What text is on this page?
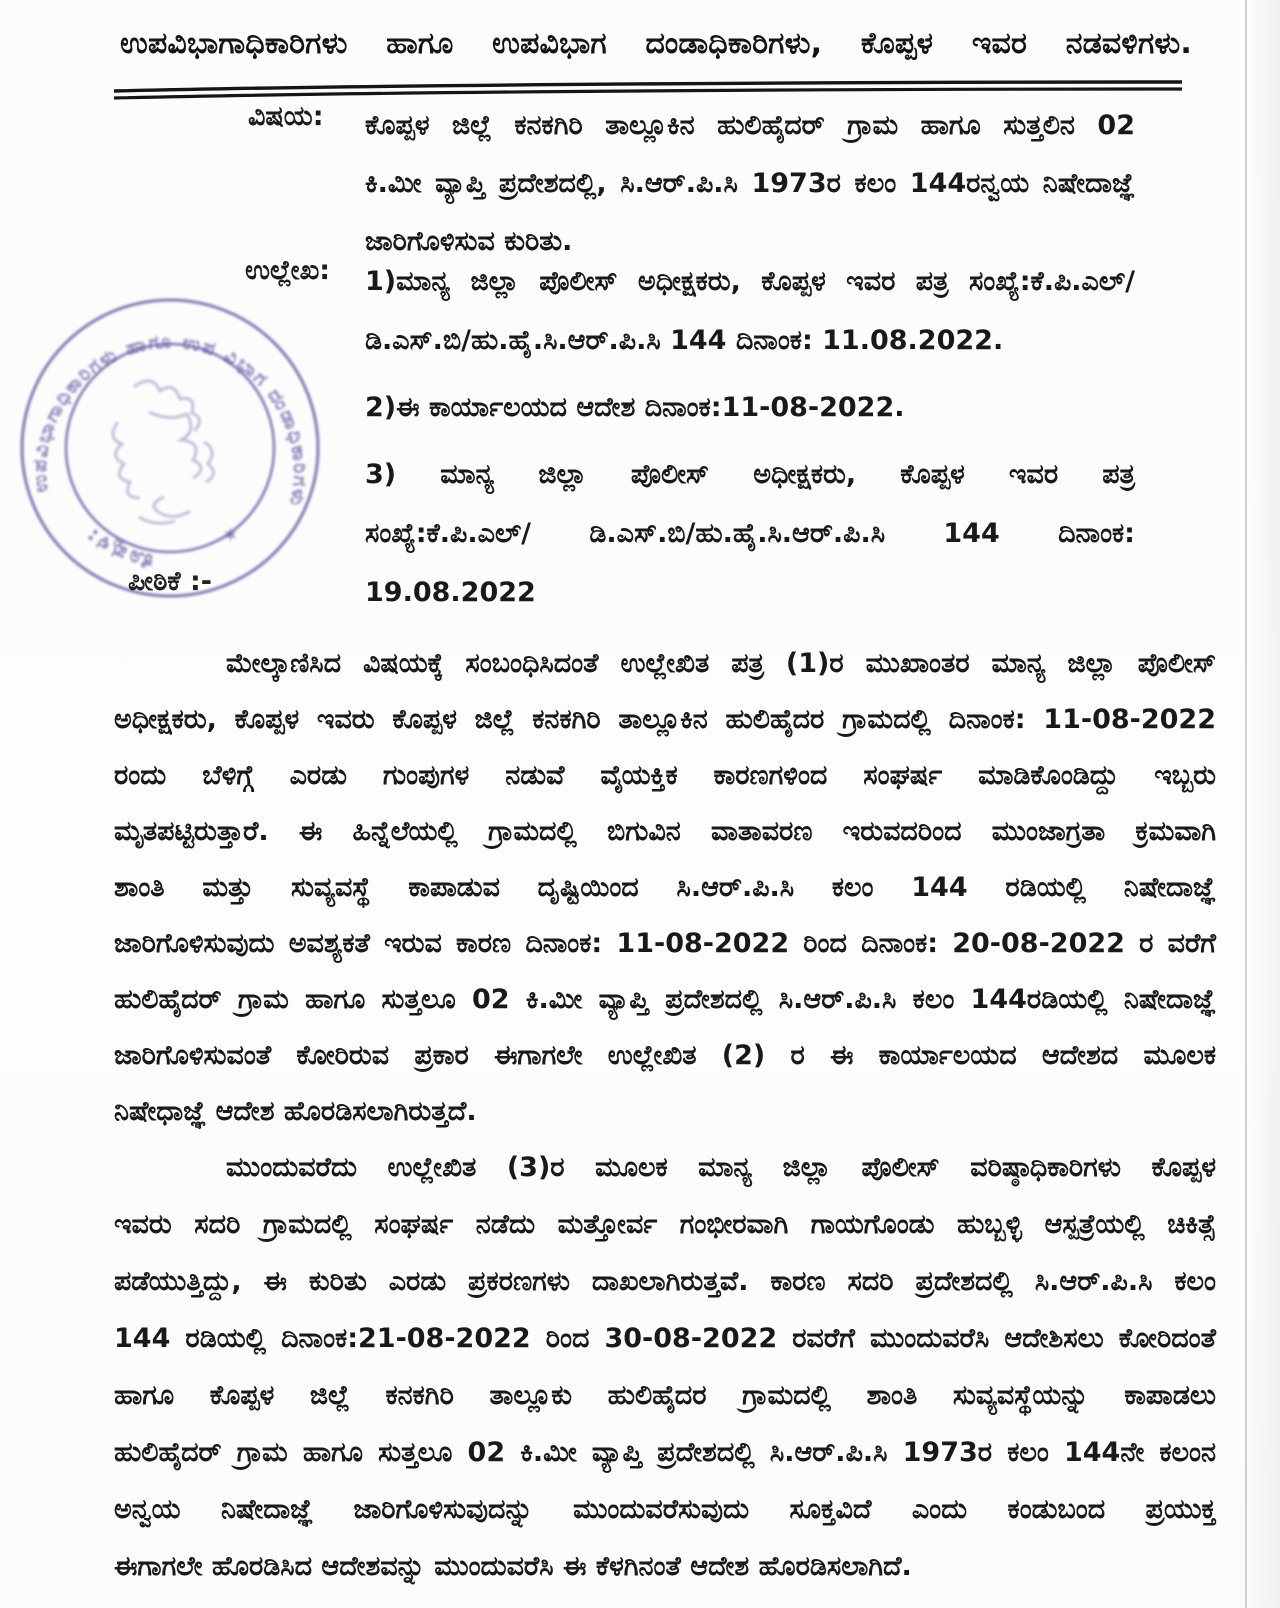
ಉಪವಿಭಾಗಾಧಿಕಾರಿಗಳು ಹಾಗೂ ಉಪವಿಭಾಗ ದಂಡಾಧಿಕಾರಿಗಳು, ಕೊಪ್ಪಳ ಇವರ ನಡವಳಿಗಳು.
ವಿಷಯ: ಕೊಪ್ಪಳ ಜಿಲ್ಲೆ ಕನಕಗಿರಿ ತಾಲ್ಲೂಕಿನ ಹುಲಿಹೈದರ್ ಗ್ರಾಮ ಹಾಗೂ ಸುತ್ತಲಿನ 02
ಕಿ.ಮೀ ವ್ಯಾಪ್ತಿ ಪ್ರದೇಶದಲ್ಲಿ, ಸಿ.ಆರ್.ಪಿ.ಸಿ 1973ರ ಕಲಂ 144ರನ್ವಯ ನಿಷೇದಾಜ್ಞೆ
ಜಾರಿಗೊಳಿಸುವ ಕುರಿತು.
ಉಲ್ಲೇಖ: 1)ಮಾನ್ಯ ಜಿಲ್ಲಾ ಪೊಲೀಸ್ ಅಧೀಕ್ಷಕರು, ಕೊಪ್ಪಳ ಇವರ ಪತ್ರ ಸಂಖ್ಯೆ:ಕೆ.ಪಿ.ಎಲ್/
ಡಿ.ಎಸ್.ಬಿ/ಹು.ಹೈ.ಸಿ.ಆರ್.ಪಿ.ಸಿ 144 ದಿನಾಂಕ: 11.08.2022.
2)ಈ ಕಾರ್ಯಾಲಯದ ಆದೇಶ ದಿನಾಂಕ:11-08-2022.
3) ಮಾನ್ಯ ಜಿಲ್ಲಾ ಪೊಲೀಸ್ ಅಧೀಕ್ಷಕರು, ಕೊಪ್ಪಳ ಇವರ ಪತ್ರ
ಸಂಖ್ಯೆ:ಕೆ.ಪಿ.ಎಲ್/ ಡಿ.ಎಸ್.ಬಿ/ಹು.ಹೈ.ಸಿ.ಆರ್.ಪಿ.ಸಿ 144 ದಿನಾಂಕ: 19.08.2022
ಉಪವಿಭಾಗಾಧಿಕಾರಿಗಳು ಹಾಗೂ ಉಪ ವಿಭಾಗ ದಂಡಾಧಿಕಾರಿಗಳು
ಕೊಪ್ಪಳ:	✶
ಪೀಠಿಕೆ :-
ಮೇಲ್ಕಾಣಿಸಿದ ವಿಷಯಕ್ಕೆ ಸಂಬಂಧಿಸಿದಂತೆ ಉಲ್ಲೇಖಿತ ಪತ್ರ (1)ರ ಮುಖಾಂತರ ಮಾನ್ಯ ಜಿಲ್ಲಾ ಪೊಲೀಸ್
ಅಧೀಕ್ಷಕರು, ಕೊಪ್ಪಳ ಇವರು ಕೊಪ್ಪಳ ಜಿಲ್ಲೆ ಕನಕಗಿರಿ ತಾಲ್ಲೂಕಿನ ಹುಲಿಹೈದರ ಗ್ರಾಮದಲ್ಲಿ ದಿನಾಂಕ: 11-08-2022
ರಂದು ಬೆಳಿಗ್ಗೆ ಎರಡು ಗುಂಪುಗಳ ನಡುವೆ ವೈಯಕ್ತಿಕ ಕಾರಣಗಳಿಂದ ಸಂಘರ್ಷ ಮಾಡಿಕೊಂಡಿದ್ದು ಇಬ್ಬರು
ಮೃತಪಟ್ಟಿರುತ್ತಾರೆ. ಈ ಹಿನ್ನೆಲೆಯಲ್ಲಿ ಗ್ರಾಮದಲ್ಲಿ ಬಿಗುವಿನ ವಾತಾವರಣ ಇರುವದರಿಂದ ಮುಂಜಾಗ್ರತಾ ಕ್ರಮವಾಗಿ
ಶಾಂತಿ ಮತ್ತು ಸುವ್ಯವಸ್ಥೆ ಕಾಪಾಡುವ ದೃಷ್ಟಿಯಿಂದ ಸಿ.ಆರ್.ಪಿ.ಸಿ ಕಲಂ 144 ರಡಿಯಲ್ಲಿ ನಿಷೇದಾಜ್ಞೆ
ಜಾರಿಗೊಳಿಸುವುದು ಅವಶ್ಯಕತೆ ಇರುವ ಕಾರಣ ದಿನಾಂಕ: 11-08-2022 ರಿಂದ ದಿನಾಂಕ: 20-08-2022 ರ ವರೆಗೆ
ಹುಲಿಹೈದರ್ ಗ್ರಾಮ ಹಾಗೂ ಸುತ್ತಲೂ 02 ಕಿ.ಮೀ ವ್ಯಾಪ್ತಿ ಪ್ರದೇಶದಲ್ಲಿ ಸಿ.ಆರ್.ಪಿ.ಸಿ ಕಲಂ 144ರಡಿಯಲ್ಲಿ ನಿಷೇದಾಜ್ಞೆ
ಜಾರಿಗೊಳಿಸುವಂತೆ ಕೋರಿರುವ ಪ್ರಕಾರ ಈಗಾಗಲೇ ಉಲ್ಲೇಖಿತ (2) ರ ಈ ಕಾರ್ಯಾಲಯದ ಆದೇಶದ ಮೂಲಕ
ನಿಷೇಧಾಜ್ಞೆ ಆದೇಶ ಹೊರಡಿಸಲಾಗಿರುತ್ತದೆ.
ಮುಂದುವರೆದು ಉಲ್ಲೇಖಿತ (3)ರ ಮೂಲಕ ಮಾನ್ಯ ಜಿಲ್ಲಾ ಪೊಲೀಸ್ ವರಿಷ್ಠಾಧಿಕಾರಿಗಳು ಕೊಪ್ಪಳ
ಇವರು ಸದರಿ ಗ್ರಾಮದಲ್ಲಿ ಸಂಘರ್ಷ ನಡೆದು ಮತ್ತೋರ್ವ ಗಂಭೀರವಾಗಿ ಗಾಯಗೊಂಡು ಹುಬ್ಬಳ್ಳಿ ಆಸ್ಪತ್ರೆಯಲ್ಲಿ ಚಿಕಿತ್ಸೆ
ಪಡೆಯುತ್ತಿದ್ದು, ಈ ಕುರಿತು ಎರಡು ಪ್ರಕರಣಗಳು ದಾಖಲಾಗಿರುತ್ತವೆ. ಕಾರಣ ಸದರಿ ಪ್ರದೇಶದಲ್ಲಿ ಸಿ.ಆರ್.ಪಿ.ಸಿ ಕಲಂ
144 ರಡಿಯಲ್ಲಿ ದಿನಾಂಕ:21-08-2022 ರಿಂದ 30-08-2022 ರವರೆಗೆ ಮುಂದುವರೆಸಿ ಆದೇಶಿಸಲು ಕೋರಿದಂತೆ
ಹಾಗೂ ಕೊಪ್ಪಳ ಜಿಲ್ಲೆ ಕನಕಗಿರಿ ತಾಲ್ಲೂಕು ಹುಲಿಹೈದರ ಗ್ರಾಮದಲ್ಲಿ ಶಾಂತಿ ಸುವ್ಯವಸ್ಥೆಯನ್ನು ಕಾಪಾಡಲು
ಹುಲಿಹೈದರ್ ಗ್ರಾಮ ಹಾಗೂ ಸುತ್ತಲೂ 02 ಕಿ.ಮೀ ವ್ಯಾಪ್ತಿ ಪ್ರದೇಶದಲ್ಲಿ ಸಿ.ಆರ್.ಪಿ.ಸಿ 1973ರ ಕಲಂ 144ನೇ ಕಲಂನ
ಅನ್ವಯ ನಿಷೇದಾಜ್ಞೆ ಜಾರಿಗೊಳಿಸುವುದನ್ನು ಮುಂದುವರೆಸುವುದು ಸೂಕ್ತವಿದೆ ಎಂದು ಕಂಡುಬಂದ ಪ್ರಯುಕ್ತ
ಈಗಾಗಲೇ ಹೊರಡಿಸಿದ ಆದೇಶವನ್ನು ಮುಂದುವರೆಸಿ ಈ ಕೆಳಗಿನಂತೆ ಆದೇಶ ಹೊರಡಿಸಲಾಗಿದೆ.
